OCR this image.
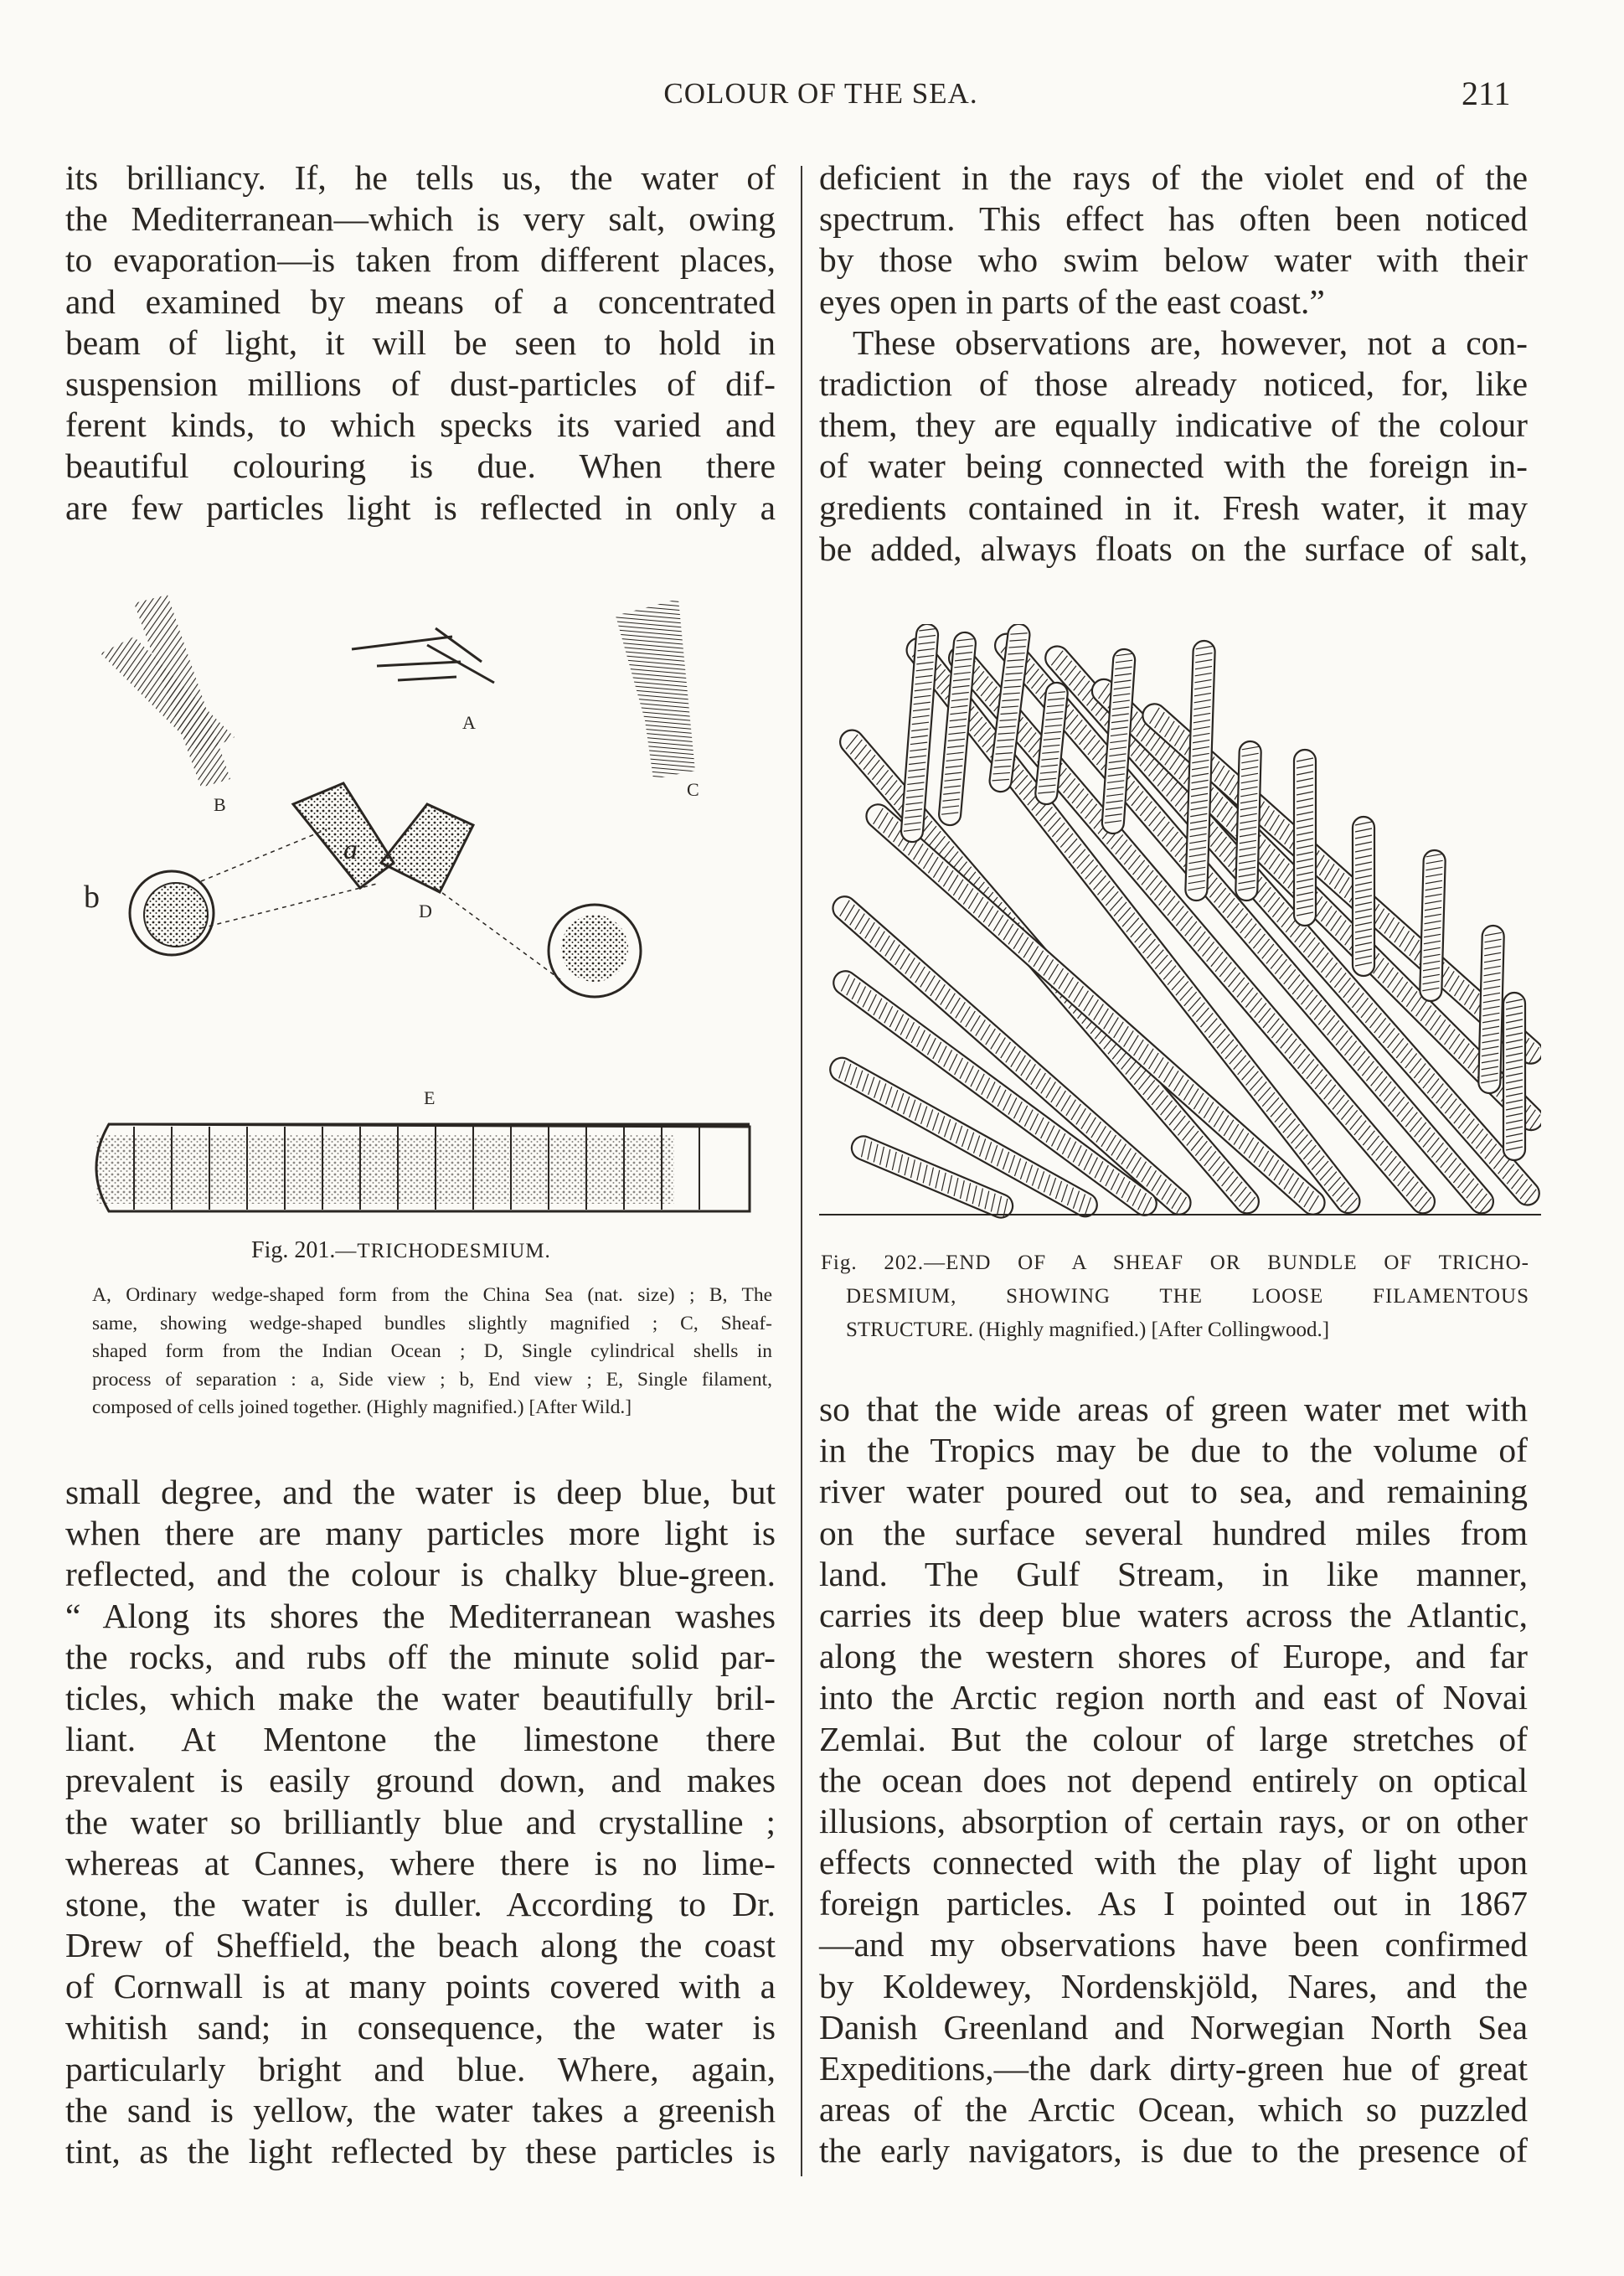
COLOUR OF THE SEA.	211
its brilliancy. If, he tells us, the water of
the Mediterranean—which is very salt, owing
to evaporation—is taken from different places,
and examined by means of a concentrated
beam of light, it will be seen to hold in
suspension millions of dust-particles of dif-
ferent kinds, to which specks its varied and
beautiful colouring is due. When there
are few particles light is reflected in only a
deficient in the rays of the violet end of the
spectrum. This effect has often been noticed
by those who swim below water with their
eyes open in parts of the east coast.”
These observations are, however, not a con-
tradiction of those already noticed, for, like
them, they are equally indicative of the colour
of water being connected with the foreign in-
gredients contained in it. Fresh water, it may
be added, always floats on the surface of salt,
A
C
B
a
D
b
E
Fig. 201.—TRICHODESMIUM.
A, Ordinary wedge-shaped form from the China Sea (nat. size) ; B, The
same, showing wedge-shaped bundles slightly magnified ; C, Sheaf-
shaped form from the Indian Ocean ; D, Single cylindrical shells in
process of separation : a, Side view ; b, End view ; E, Single filament,
composed of cells joined together. (Highly magnified.) [After Wild.]
Fig. 202.—END OF A SHEAF OR BUNDLE OF TRICHO-
DESMIUM, SHOWING THE LOOSE FILAMENTOUS
STRUCTURE. (Highly magnified.) [After Collingwood.]
small degree, and the water is deep blue, but
when there are many particles more light is
reflected, and the colour is chalky blue-green.
“ Along its shores the Mediterranean washes
the rocks, and rubs off the minute solid par-
ticles, which make the water beautifully bril-
liant. At Mentone the limestone there
prevalent is easily ground down, and makes
the water so brilliantly blue and crystalline ;
whereas at Cannes, where there is no lime-
stone, the water is duller. According to Dr.
Drew of Sheffield, the beach along the coast
of Cornwall is at many points covered with a
whitish sand; in consequence, the water is
particularly bright and blue. Where, again,
the sand is yellow, the water takes a greenish
tint, as the light reflected by these particles is
so that the wide areas of green water met with
in the Tropics may be due to the volume of
river water poured out to sea, and remaining
on the surface several hundred miles from
land. The Gulf Stream, in like manner,
carries its deep blue waters across the Atlantic,
along the western shores of Europe, and far
into the Arctic region north and east of Novai
Zemlai. But the colour of large stretches of
the ocean does not depend entirely on optical
illusions, absorption of certain rays, or on other
effects connected with the play of light upon
foreign particles. As I pointed out in 1867
—and my observations have been confirmed
by Koldewey, Nordenskjöld, Nares, and the
Danish Greenland and Norwegian North Sea
Expeditions,—the dark dirty-green hue of great
areas of the Arctic Ocean, which so puzzled
the early navigators, is due to the presence of
